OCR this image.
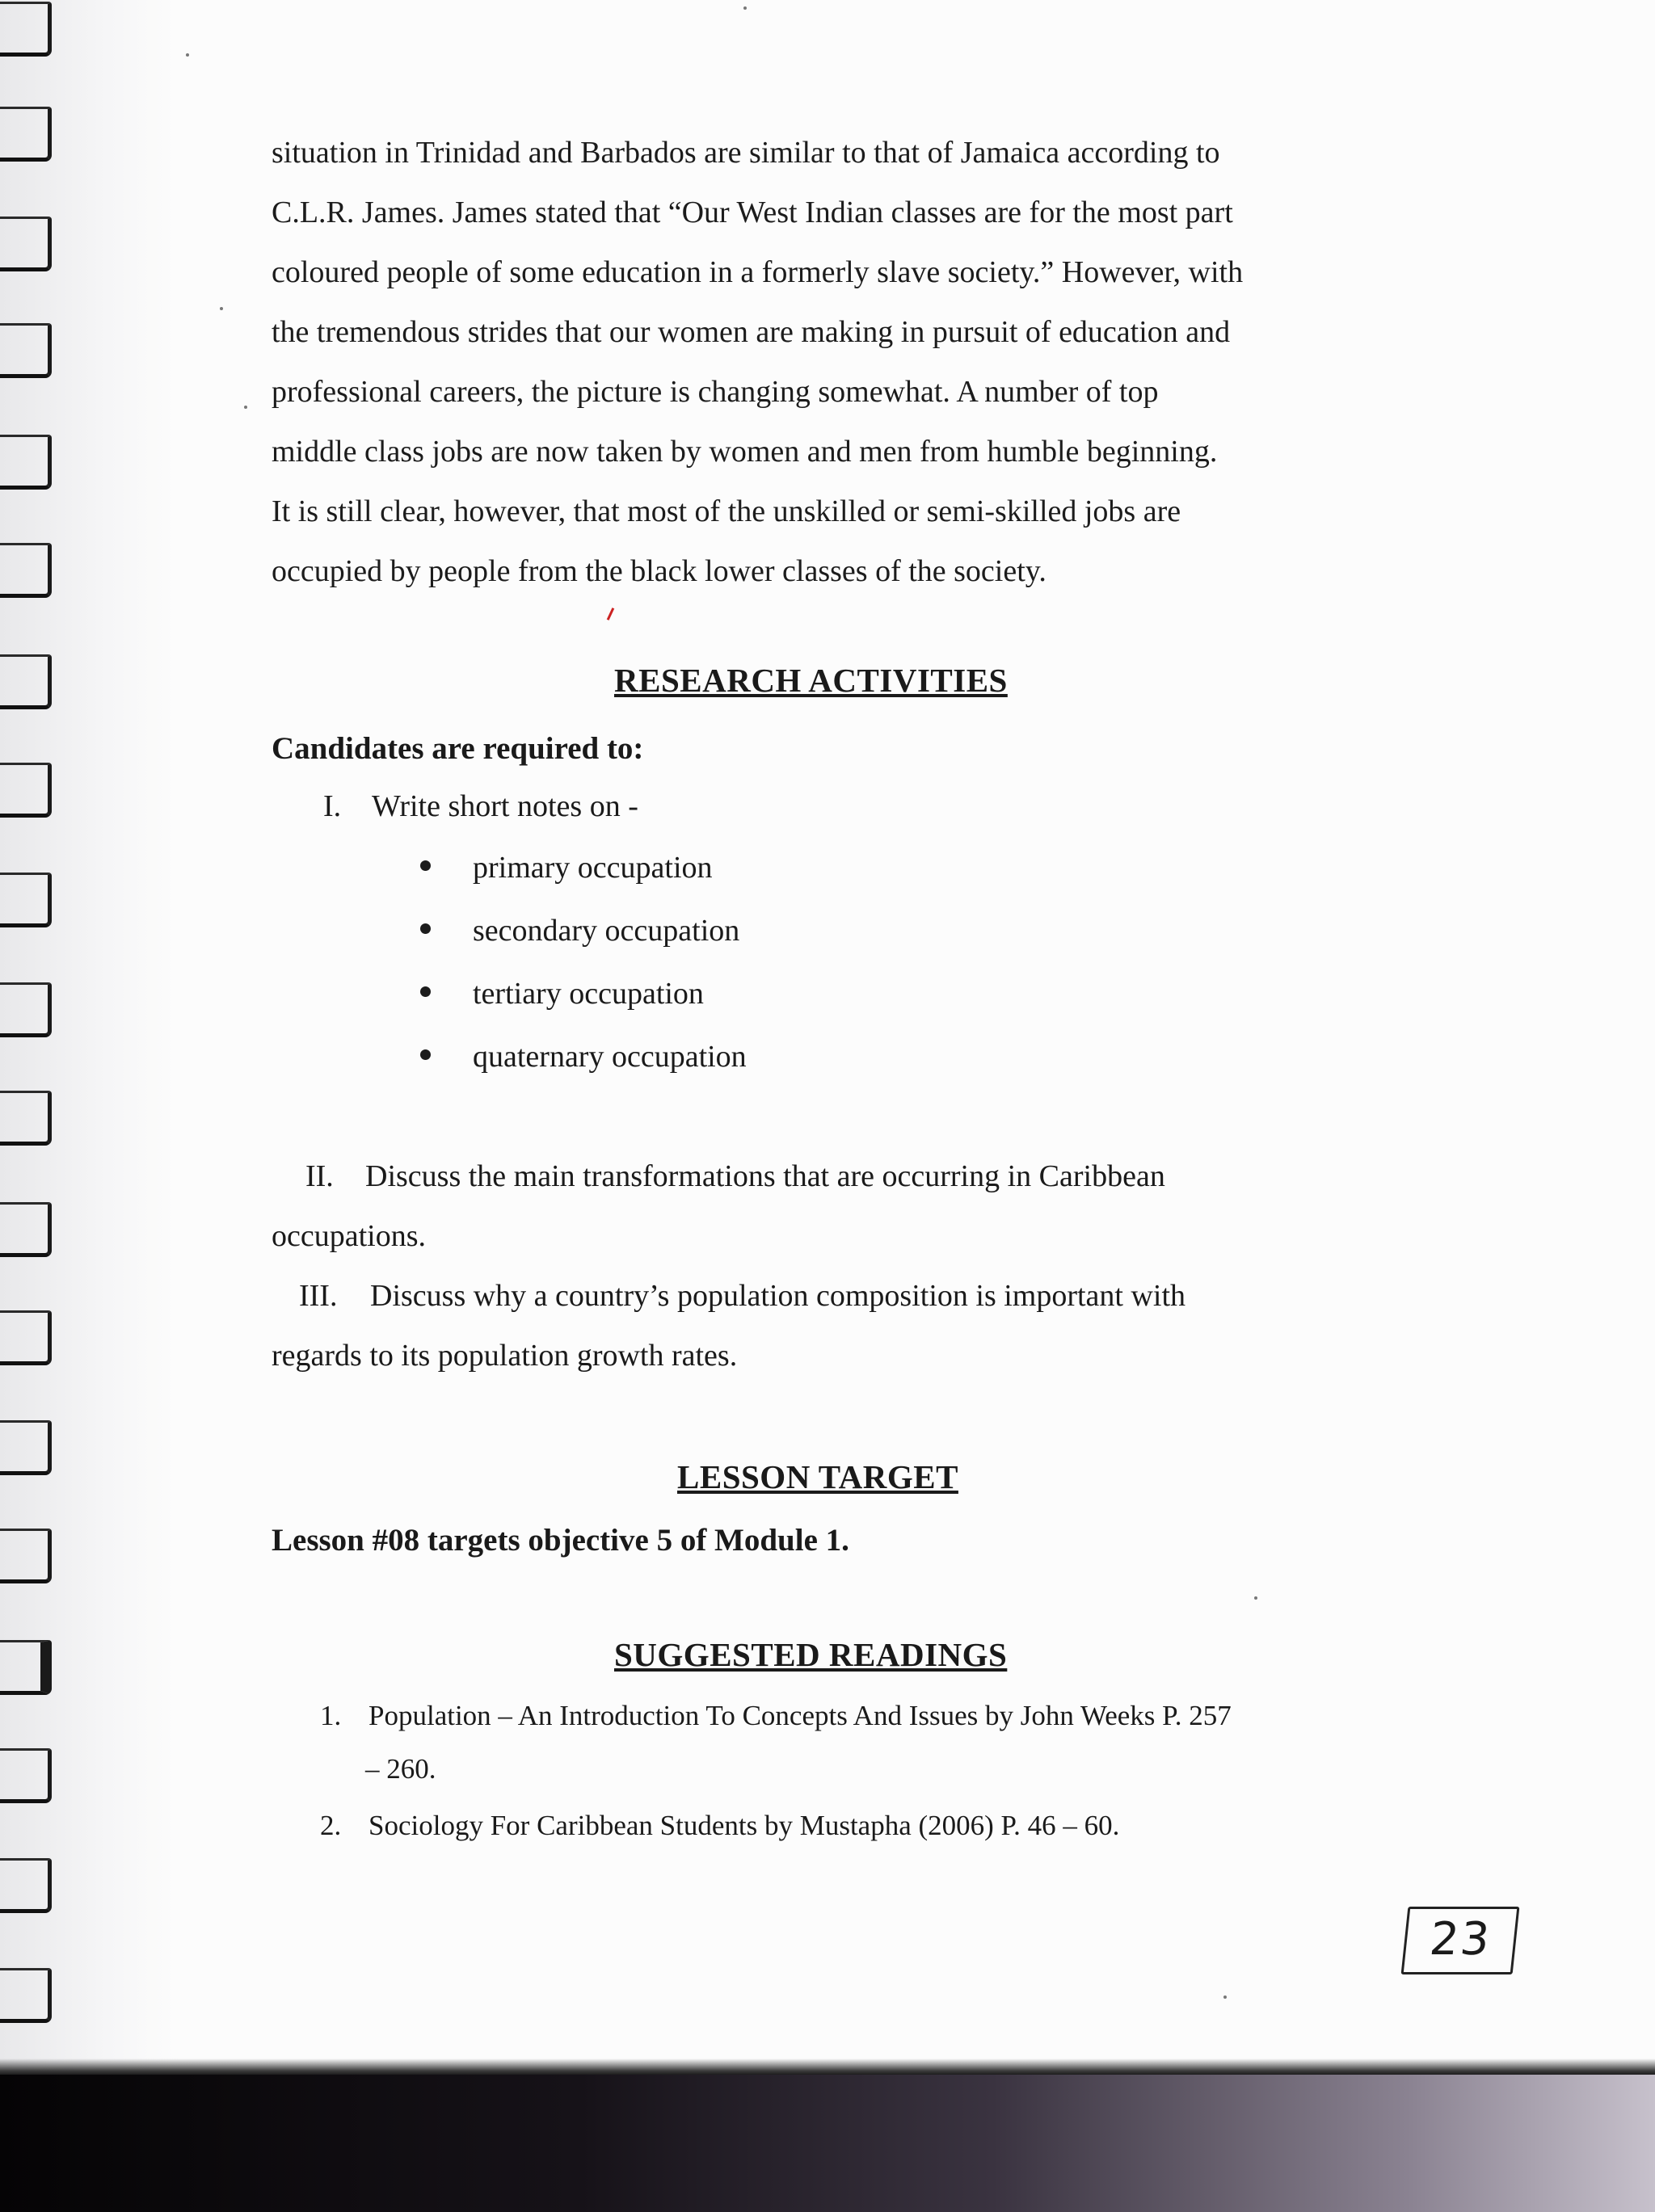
situation in Trinidad and Barbados are similar to that of Jamaica according to
C.L.R. James. James stated that “Our West Indian classes are for the most part
coloured people of some education in a formerly slave society.” However, with
the tremendous strides that our women are making in pursuit of education and
professional careers, the picture is changing somewhat. A number of top
middle class jobs are now taken by women and men from humble beginning.
It is still clear, however, that most of the unskilled or semi-skilled jobs are
occupied by people from the black lower classes of the society.
RESEARCH ACTIVITIES
Candidates are required to:
I. Write short notes on -
primary occupation
secondary occupation
tertiary occupation
quaternary occupation
II. Discuss the main transformations that are occurring in Caribbean
occupations.
III. Discuss why a country’s population composition is important with
regards to its population growth rates.
LESSON TARGET
Lesson #08 targets objective 5 of Module 1.
SUGGESTED READINGS
1. Population – An Introduction To Concepts And Issues by John Weeks P. 257
– 260.
2. Sociology For Caribbean Students by Mustapha (2006) P. 46 – 60.
23
